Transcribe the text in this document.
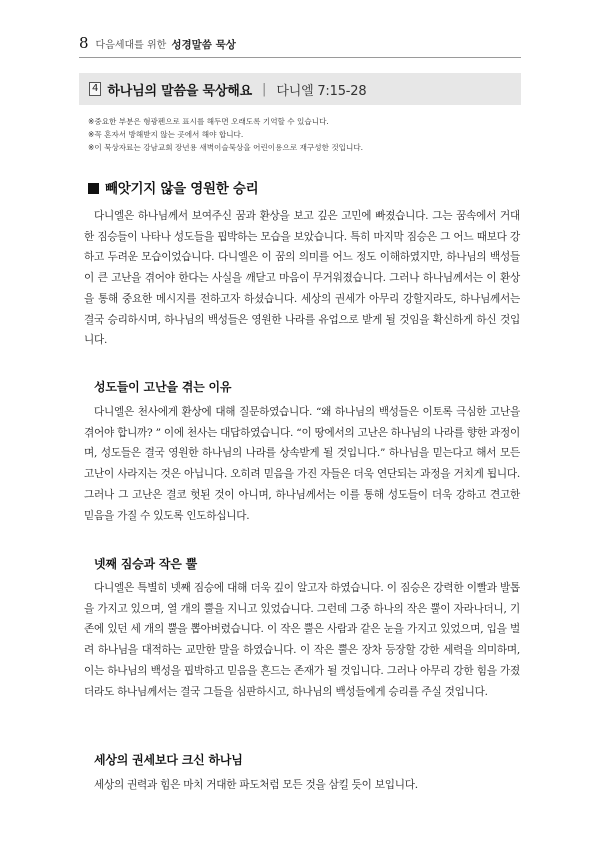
8 다음세대를 위한 성경말씀 묵상
4 하나님의 말씀을 묵상해요 | 다니엘 7:15-28
※중요한 부분은 형광펜으로 표시를 해두면 오래도록 기억할 수 있습니다.
※꼭 혼자서 방해받지 않는 곳에서 해야 합니다.
※이 묵상자료는 강남교회 장년용 새벽이슬묵상을 어린이용으로 재구성한 것입니다.
빼앗기지 않을 영원한 승리

다니엘은 하나님께서 보여주신 꿈과 환상을 보고 깊은 고민에 빠졌습니다. 그는 꿈속에서 거대한 짐승들이 나타나 성도들을 핍박하는 모습을 보았습니다. 특히 마지막 짐승은 그 어느 때보다 강하고 두려운 모습이었습니다. 다니엘은 이 꿈의 의미를 어느 정도 이해하였지만, 하나님의 백성들이 큰 고난을 겪어야 한다는 사실을 깨닫고 마음이 무거워졌습니다. 그러나 하나님께서는 이 환상을 통해 중요한 메시지를 전하고자 하셨습니다. 세상의 권세가 아무리 강할지라도, 하나님께서는 결국 승리하시며, 하나님의 백성들은 영원한 나라를 유업으로 받게 될 것임을 확신하게 하신 것입니다.

성도들이 고난을 겪는 이유

다니엘은 천사에게 환상에 대해 질문하였습니다. “왜 하나님의 백성들은 이토록 극심한 고난을 겪어야 합니까? ” 이에 천사는 대답하였습니다. “이 땅에서의 고난은 하나님의 나라를 향한 과정이며, 성도들은 결국 영원한 하나님의 나라를 상속받게 될 것입니다.” 하나님을 믿는다고 해서 모든 고난이 사라지는 것은 아닙니다. 오히려 믿음을 가진 자들은 더욱 연단되는 과정을 거치게 됩니다. 그러나 그 고난은 결코 헛된 것이 아니며, 하나님께서는 이를 통해 성도들이 더욱 강하고 견고한 믿음을 가질 수 있도록 인도하십니다.

넷째 짐승과 작은 뿔

다니엘은 특별히 넷째 짐승에 대해 더욱 깊이 알고자 하였습니다. 이 짐승은 강력한 이빨과 발톱을 가지고 있으며, 열 개의 뿔을 지니고 있었습니다. 그런데 그중 하나의 작은 뿔이 자라나더니, 기존에 있던 세 개의 뿔을 뽑아버렸습니다. 이 작은 뿔은 사람과 같은 눈을 가지고 있었으며, 입을 벌려 하나님을 대적하는 교만한 말을 하였습니다. 이 작은 뿔은 장차 등장할 강한 세력을 의미하며, 이는 하나님의 백성을 핍박하고 믿음을 흔드는 존재가 될 것입니다. 그러나 아무리 강한 힘을 가졌더라도 하나님께서는 결국 그들을 심판하시고, 하나님의 백성들에게 승리를 주실 것입니다.

세상의 권세보다 크신 하나님

세상의 권력과 힘은 마치 거대한 파도처럼 모든 것을 삼킬 듯이 보입니다.
